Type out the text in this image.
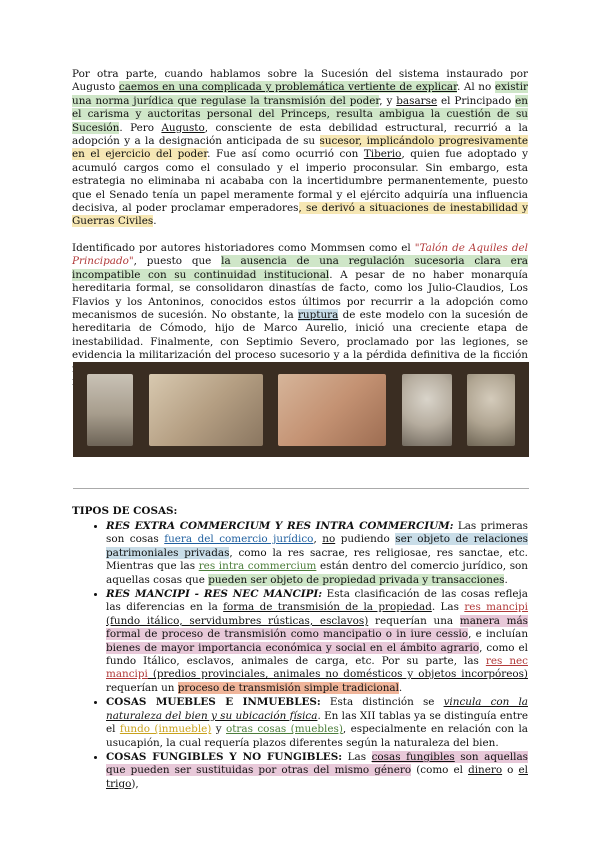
Por otra parte, cuando hablamos sobre la Sucesión del sistema instaurado por Augusto caemos en una complicada y problemática vertiente de explicar. Al no existir una norma jurídica que regulase la transmisión del poder, y basarse el Principado en el carisma y auctoritas personal del Princeps, resulta ambigua la cuestión de su Sucesión. Pero Augusto, consciente de esta debilidad estructural, recurrió a la adopción y a la designación anticipada de su sucesor, implicándolo progresivamente en el ejercicio del poder. Fue así como ocurrió con Tiberio, quien fue adoptado y acumuló cargos como el consulado y el imperio proconsular. Sin embargo, esta estrategia no eliminaba ni acababa con la incertidumbre permanentemente, puesto que el Senado tenía un papel meramente formal y el ejército adquiría una influencia decisiva, al poder proclamar emperadores, se derivó a situaciones de inestabilidad y Guerras Civiles.

Identificado por autores historiadores como Mommsen como el "Talón de Aquiles del Principado", puesto que la ausencia de una regulación sucesoria clara era incompatible con su continuidad institucional. A pesar de no haber monarquía hereditaria formal, se consolidaron dinastías de facto, como los Julio-Claudios, Los Flavios y los Antoninos, conocidos estos últimos por recurrir a la adopción como mecanismos de sucesión. No obstante, la ruptura de este modelo con la sucesión de hereditaria de Cómodo, hijo de Marco Aurelio, inició una creciente etapa de inestabilidad. Finalmente, con Septimio Severo, proclamado por las legiones, se evidencia la militarización del proceso sucesorio y a la pérdida definitiva de la ficción

TIPOS DE COSAS:
• RES EXTRA COMMERCIUM Y RES INTRA COMMERCIUM: Las primeras son cosas fuera del comercio jurídico, no pudiendo ser objeto de relaciones patrimoniales privadas, como la res sacrae, res religiosae, res sanctae, etc. Mientras que las res intra commercium están dentro del comercio jurídico, son aquellas cosas que pueden ser objeto de propiedad privada y transacciones.
• RES MANCIPI - RES NEC MANCIPI: Esta clasificación de las cosas refleja las diferencias en la forma de transmisión de la propiedad. Las res mancipi (fundo itálico, servidumbres rústicas, esclavos) requerían una manera más formal de proceso de transmisión como mancipatio o in iure cessio, e incluían bienes de mayor importancia económica y social en el ámbito agrario, como el fundo Itálico, esclavos, animales de carga, etc. Por su parte, las res nec mancipi (predios provinciales, animales no domésticos y objetos incorpóreos) requerían un proceso de transmisión simple tradicional.
• COSAS MUEBLES E INMUEBLES: Esta distinción se vincula con la naturaleza del bien y su ubicación física. En las XII tablas ya se distinguía entre el fundo (inmueble) y otras cosas (muebles), especialmente en relación con la usucapión, la cual requería plazos diferentes según la naturaleza del bien.
• COSAS FUNGIBLES Y NO FUNGIBLES: Las cosas fungibles son aquellas que pueden ser sustituidas por otras del mismo género (como el dinero o el trigo),
